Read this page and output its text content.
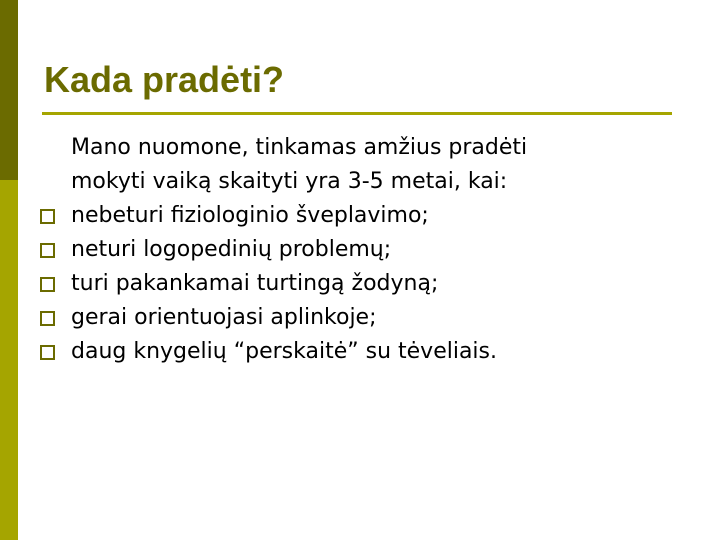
Kada pradėti?
Mano nuomone, tinkamas amžius pradėti
mokyti vaiką skaityti yra 3-5 metai, kai:
nebeturi fiziologinio šveplavimo;
neturi logopedinių problemų;
turi pakankamai turtingą žodyną;
gerai orientuojasi aplinkoje;
daug knygelių “perskaitė” su tėveliais.
